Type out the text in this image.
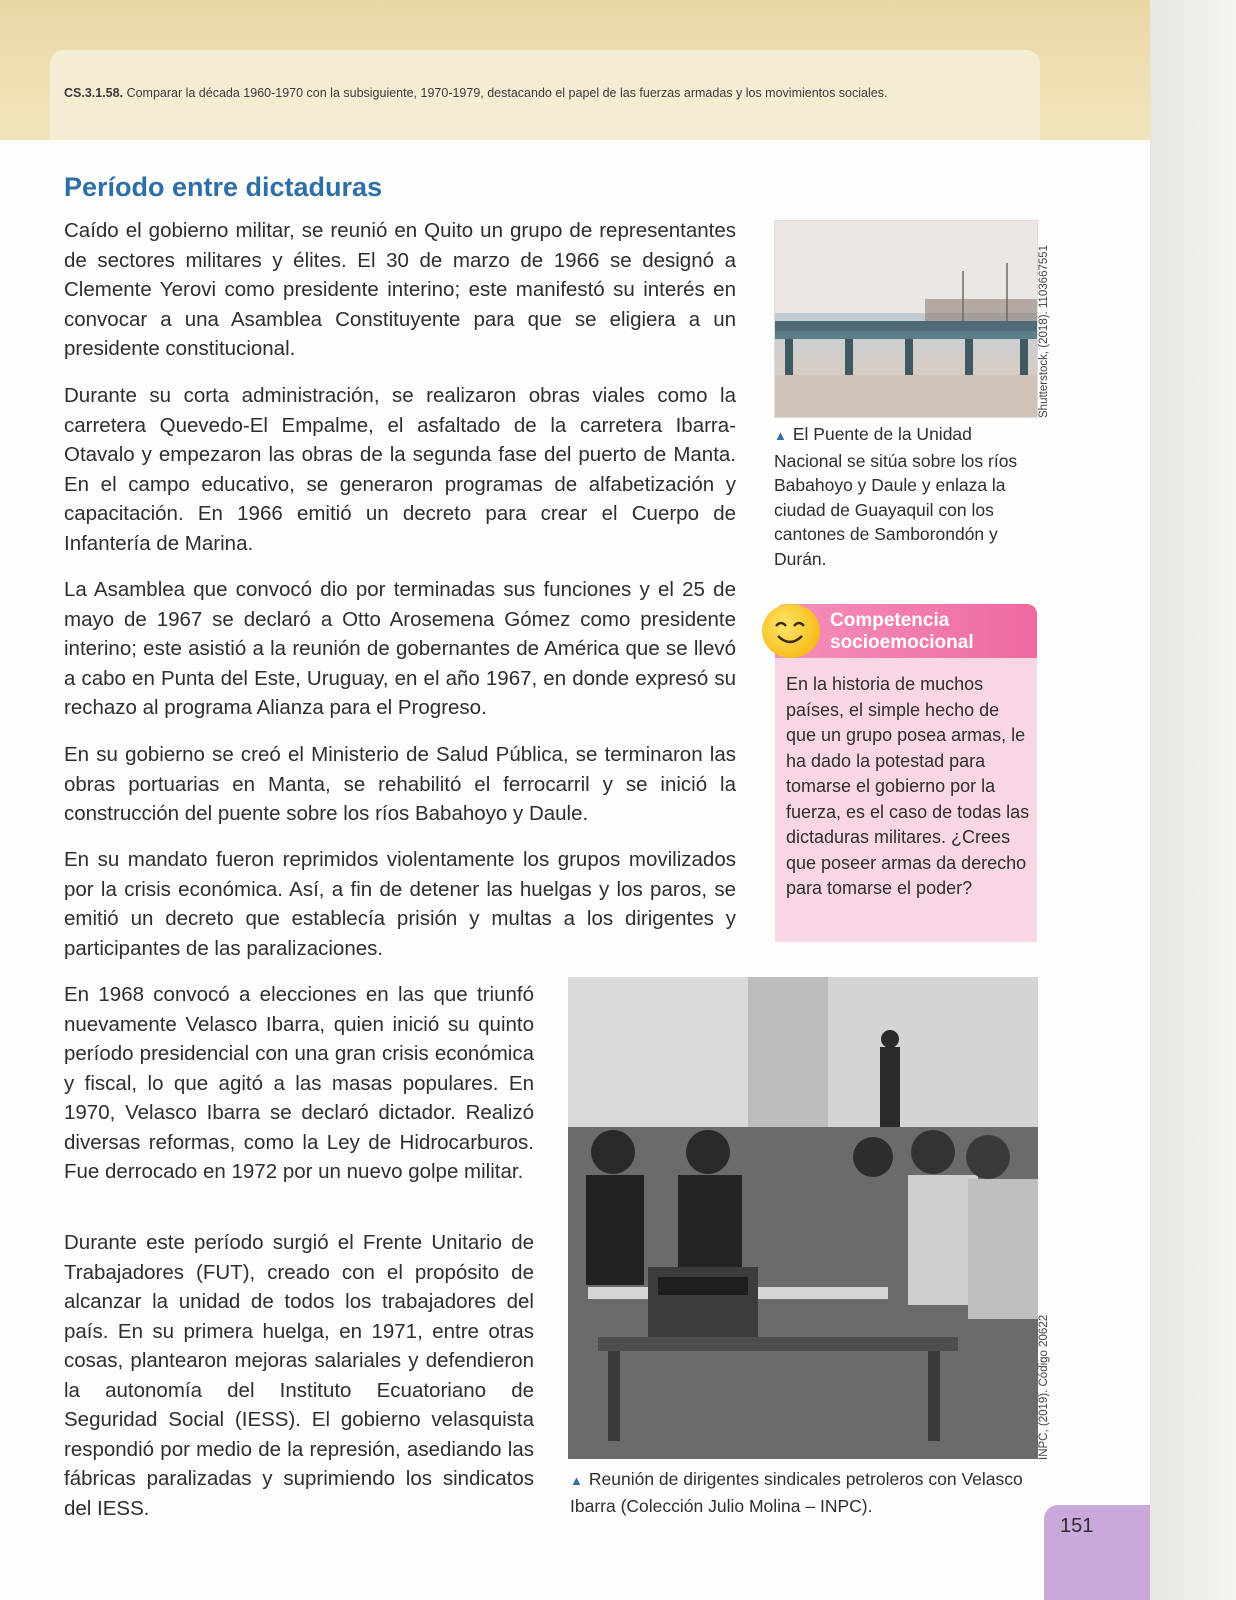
CS.3.1.58. Comparar la década 1960-1970 con la subsiguiente, 1970-1979, destacando el papel de las fuerzas armadas y los movimientos sociales.
Período entre dictaduras

Caído el gobierno militar, se reunió en Quito un grupo de representantes de sectores militares y élites. El 30 de marzo de 1966 se designó a Clemente Yerovi como presidente interino; este manifestó su interés en convocar a una Asamblea Constituyente para que se eligiera a un presidente constitucional.

Durante su corta administración, se realizaron obras viales como la carretera Quevedo-El Empalme, el asfaltado de la carretera Ibarra-Otavalo y empezaron las obras de la segunda fase del puerto de Manta. En el campo educativo, se generaron programas de alfabetización y capacitación. En 1966 emitió un decreto para crear el Cuerpo de Infantería de Marina.

La Asamblea que convocó dio por terminadas sus funciones y el 25 de mayo de 1967 se declaró a Otto Arosemena Gómez como presidente interino; este asistió a la reunión de gobernantes de América que se llevó a cabo en Punta del Este, Uruguay, en el año 1967, en donde expresó su rechazo al programa Alianza para el Progreso.

En su gobierno se creó el Ministerio de Salud Pública, se terminaron las obras portuarias en Manta, se rehabilitó el ferrocarril y se inició la construcción del puente sobre los ríos Babahoyo y Daule.

En su mandato fueron reprimidos violentamente los grupos movilizados por la crisis económica. Así, a fin de detener las huelgas y los paros, se emitió un decreto que establecía prisión y multas a los dirigentes y participantes de las paralizaciones.

En 1968 convocó a elecciones en las que triunfó nuevamente Velasco Ibarra, quien inició su quinto período presidencial con una gran crisis económica y fiscal, lo que agitó a las masas populares. En 1970, Velasco Ibarra se declaró dictador. Realizó diversas reformas, como la Ley de Hidrocarburos. Fue derrocado en 1972 por un nuevo golpe militar.

Durante este período surgió el Frente Unitario de Trabajadores (FUT), creado con el propósito de alcanzar la unidad de todos los trabajadores del país. En su primera huelga, en 1971, entre otras cosas, plantearon mejoras salariales y defendieron la autonomía del Instituto Ecuatoriano de Seguridad Social (IESS). El gobierno velasquista respondió por medio de la represión, asediando las fábricas paralizadas y suprimiendo los sindicatos del IESS.

Shutterstock, (2018). 1103667551

▲ El Puente de la Unidad Nacional se sitúa sobre los ríos Babahoyo y Daule y enlaza la ciudad de Guayaquil con los cantones de Samborondón y Durán.

Competencia socioemocional

En la historia de muchos países, el simple hecho de que un grupo posea armas, le ha dado la potestad para tomarse el gobierno por la fuerza, es el caso de todas las dictaduras militares. ¿Crees que poseer armas da derecho para tomarse el poder?

INPC, (2019). Código 20622

▲ Reunión de dirigentes sindicales petroleros con Velasco Ibarra (Colección Julio Molina – INPC).

151
